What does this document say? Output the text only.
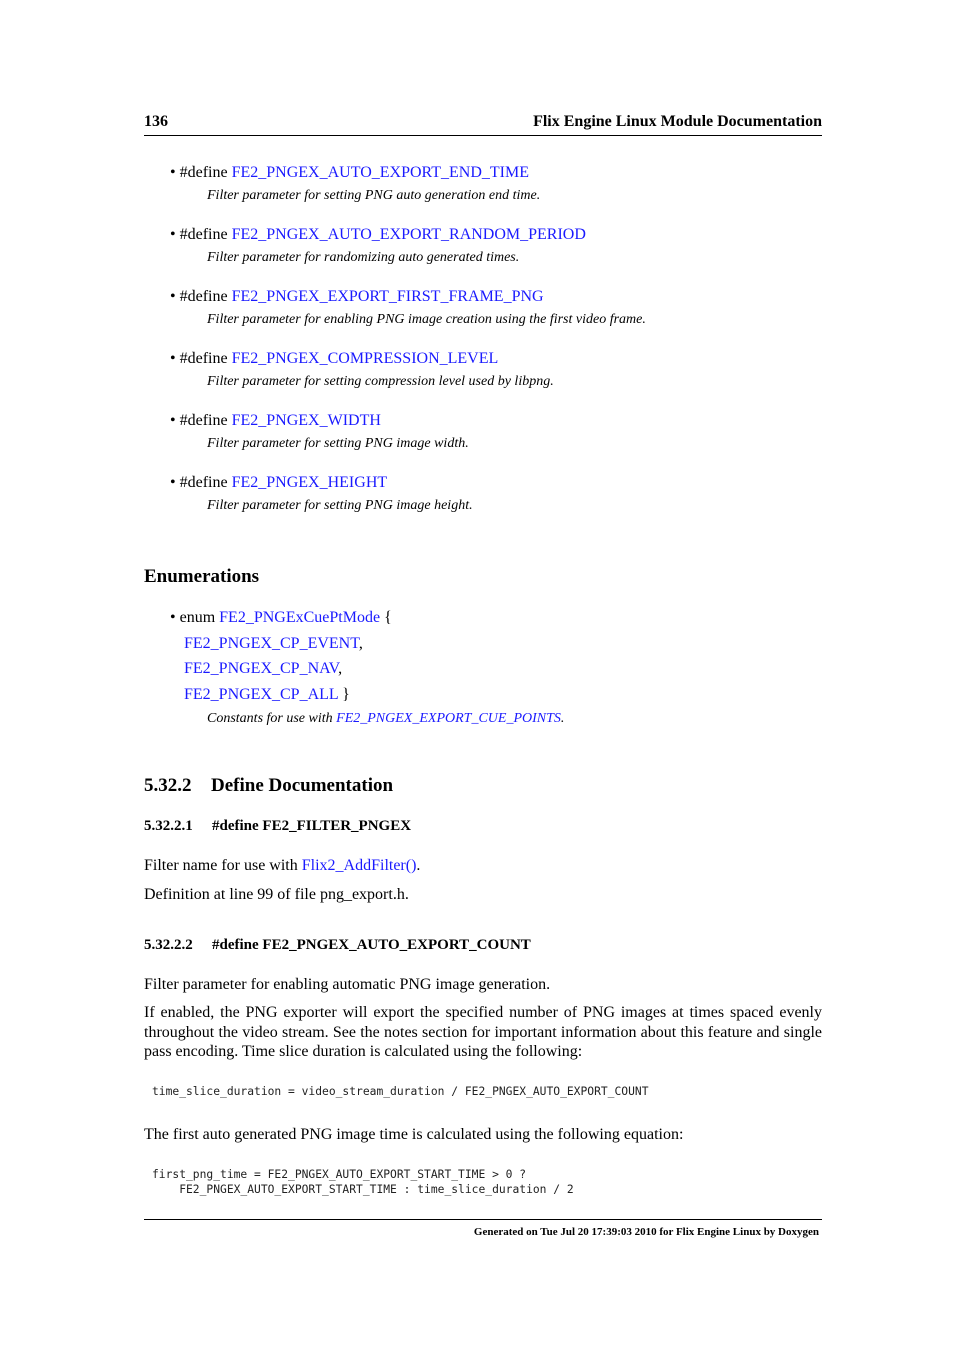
136	Flix Engine Linux Module Documentation
• #define FE2_PNGEX_AUTO_EXPORT_END_TIME
Filter parameter for setting PNG auto generation end time.
• #define FE2_PNGEX_AUTO_EXPORT_RANDOM_PERIOD
Filter parameter for randomizing auto generated times.
• #define FE2_PNGEX_EXPORT_FIRST_FRAME_PNG
Filter parameter for enabling PNG image creation using the first video frame.
• #define FE2_PNGEX_COMPRESSION_LEVEL
Filter parameter for setting compression level used by libpng.
• #define FE2_PNGEX_WIDTH
Filter parameter for setting PNG image width.
• #define FE2_PNGEX_HEIGHT
Filter parameter for setting PNG image height.
Enumerations
• enum FE2_PNGExCuePtMode {
FE2_PNGEX_CP_EVENT,
FE2_PNGEX_CP_NAV,
FE2_PNGEX_CP_ALL }
Constants for use with FE2_PNGEX_EXPORT_CUE_POINTS.
5.32.2 Define Documentation
5.32.2.1 #define FE2_FILTER_PNGEX
Filter name for use with Flix2_AddFilter().
Definition at line 99 of file png_export.h.
5.32.2.2 #define FE2_PNGEX_AUTO_EXPORT_COUNT
Filter parameter for enabling automatic PNG image generation.
If enabled, the PNG exporter will export the specified number of PNG images at times spaced evenly throughout the video stream. See the notes section for important information about this feature and single pass encoding. Time slice duration is calculated using the following:
time_slice_duration = video_stream_duration / FE2_PNGEX_AUTO_EXPORT_COUNT
The first auto generated PNG image time is calculated using the following equation:
first_png_time = FE2_PNGEX_AUTO_EXPORT_START_TIME > 0 ?
FE2_PNGEX_AUTO_EXPORT_START_TIME : time_slice_duration / 2
Generated on Tue Jul 20 17:39:03 2010 for Flix Engine Linux by Doxygen
